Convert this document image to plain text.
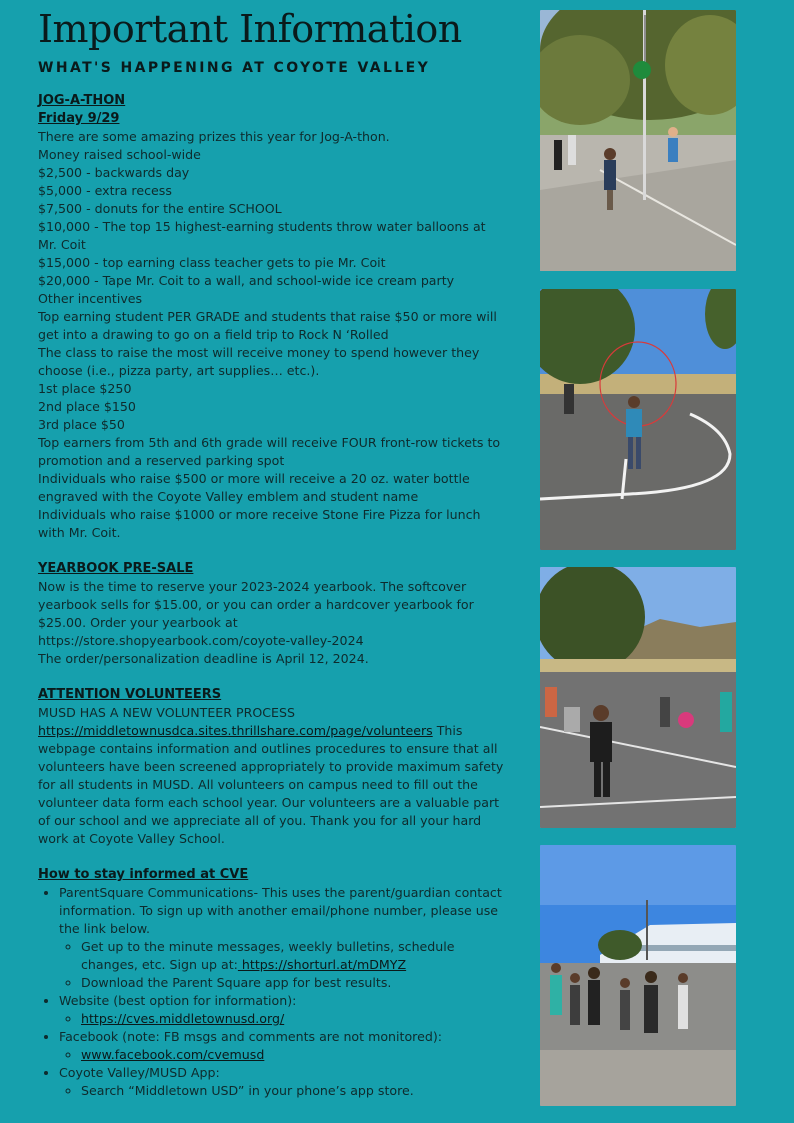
Important Information
WHAT'S HAPPENING AT COYOTE VALLEY

JOG-A-THON

Friday 9/29

There are some amazing prizes this year for Jog-A-thon.

Money raised school-wide

$2,500 - backwards day

$5,000 - extra recess

$7,500 - donuts for the entire SCHOOL

$10,000 - The top 15 highest-earning students throw water balloons at Mr. Coit

$15,000 - top earning class teacher gets to pie Mr. Coit

$20,000 - Tape Mr. Coit to a wall, and school-wide ice cream party

Other incentives

Top earning student PER GRADE and students that raise $50 or more will get into a drawing to go on a field trip to Rock N ‘Rolled

The class to raise the most will receive money to spend however they choose (i.e., pizza party, art supplies… etc.).

1st place $250

2nd place $150

3rd place $50

Top earners from 5th and 6th grade will receive FOUR front-row tickets to promotion and a reserved parking spot

Individuals who raise $500 or more will receive a 20 oz. water bottle engraved with the Coyote Valley emblem and student name

Individuals who raise $1000 or more receive Stone Fire Pizza for lunch with Mr. Coit.

YEARBOOK PRE-SALE

Now is the time to reserve your 2023-2024 yearbook. The softcover yearbook sells for $15.00, or you can order a hardcover yearbook for $25.00. Order your yearbook at

https://store.shopyearbook.com/coyote-valley-2024

The order/personalization deadline is April 12, 2024.

ATTENTION VOLUNTEERS

MUSD HAS A NEW VOLUNTEER PROCESS

https://middletownusdca.sites.thrillshare.com/page/volunteers This webpage contains information and outlines procedures to ensure that all volunteers have been screened appropriately to provide maximum safety for all students in MUSD. All volunteers on campus need to fill out the volunteer data form each school year. Our volunteers are a valuable part of our school and we appreciate all of you. Thank you for all your hard work at Coyote Valley School.

How to stay informed at CVE

• ParentSquare Communications- This uses the parent/guardian contact information. To sign up with another email/phone number, please use the link below.
◦ Get up to the minute messages, weekly bulletins, schedule changes, etc. Sign up at: https://shorturl.at/mDMYZ
◦ Download the Parent Square app for best results.
• Website (best option for information):
◦ https://cves.middletownusd.org/
• Facebook (note: FB msgs and comments are not monitored):
◦ www.facebook.com/cvemusd
• Coyote Valley/MUSD App:
◦ Search “Middletown USD” in your phone’s app store.
